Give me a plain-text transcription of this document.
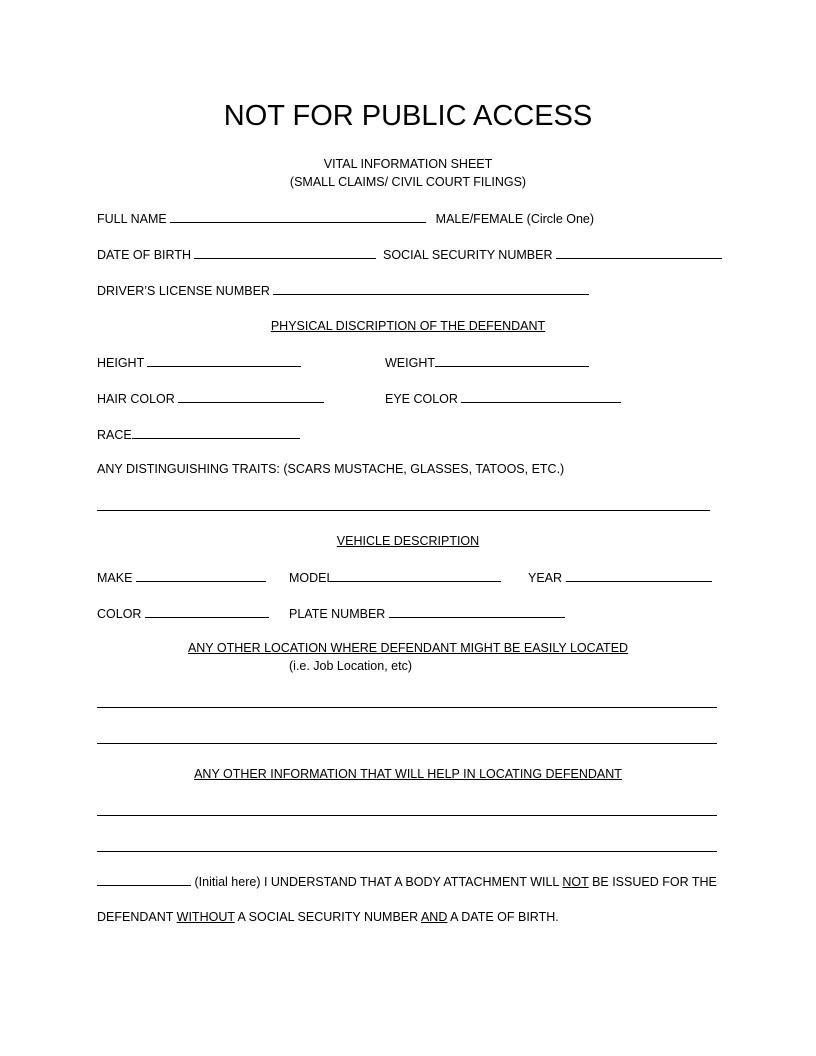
NOT FOR PUBLIC ACCESS
VITAL INFORMATION SHEET
(SMALL CLAIMS/ CIVIL COURT FILINGS)
FULL NAME	MALE/FEMALE (Circle One)
DATE OF BIRTH	SOCIAL SECURITY NUMBER
DRIVER’S LICENSE NUMBER
PHYSICAL DISCRIPTION OF THE DEFENDANT
HEIGHT	WEIGHT
HAIR COLOR	EYE COLOR
RACE
ANY DISTINGUISHING TRAITS: (SCARS MUSTACHE, GLASSES, TATOOS, ETC.)
VEHICLE DESCRIPTION
MAKE	MODEL	YEAR
COLOR	PLATE NUMBER
ANY OTHER LOCATION WHERE DEFENDANT MIGHT BE EASILY LOCATED
(i.e. Job Location, etc)
ANY OTHER INFORMATION THAT WILL HELP IN LOCATING DEFENDANT
(Initial here) I UNDERSTAND THAT A BODY ATTACHMENT WILL NOT BE ISSUED FOR THE
DEFENDANT WITHOUT A SOCIAL SECURITY NUMBER AND A DATE OF BIRTH.
